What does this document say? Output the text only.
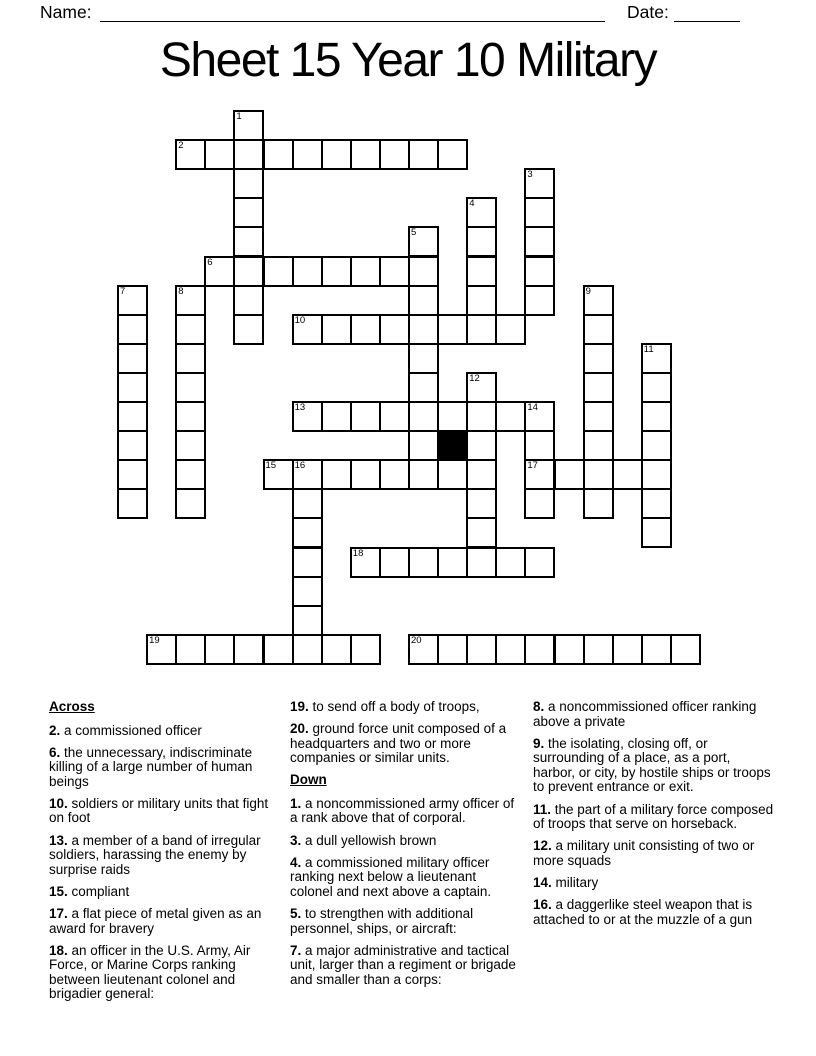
Name:	Date:
Sheet 15 Year 10 Military
1
2
3
4
5
6
7	8	9
10
11
12
13	14
17
15 16
18
19	20
Across

2. a commissioned officer

6. the unnecessary, indiscriminate killing of a large number of human beings

10. soldiers or military units that fight on foot

13. a member of a band of irregular soldiers, harassing the enemy by surprise raids

15. compliant

17. a flat piece of metal given as an award for bravery

18. an officer in the U.S. Army, Air Force, or Marine Corps ranking between lieutenant colonel and brigadier general:

19. to send off a body of troops,

20. ground force unit composed of a headquarters and two or more companies or similar units.

Down

1. a noncommissioned army officer of a rank above that of corporal.

3. a dull yellowish brown

4. a commissioned military officer ranking next below a lieutenant colonel and next above a captain.

5. to strengthen with additional personnel, ships, or aircraft:

7. a major administrative and tactical unit, larger than a regiment or brigade and smaller than a corps:

8. a noncommissioned officer ranking above a private

9. the isolating, closing off, or surrounding of a place, as a port, harbor, or city, by hostile ships or troops to prevent entrance or exit.

11. the part of a military force composed of troops that serve on horseback.

12. a military unit consisting of two or more squads

14. military

16. a daggerlike steel weapon that is attached to or at the muzzle of a gun
